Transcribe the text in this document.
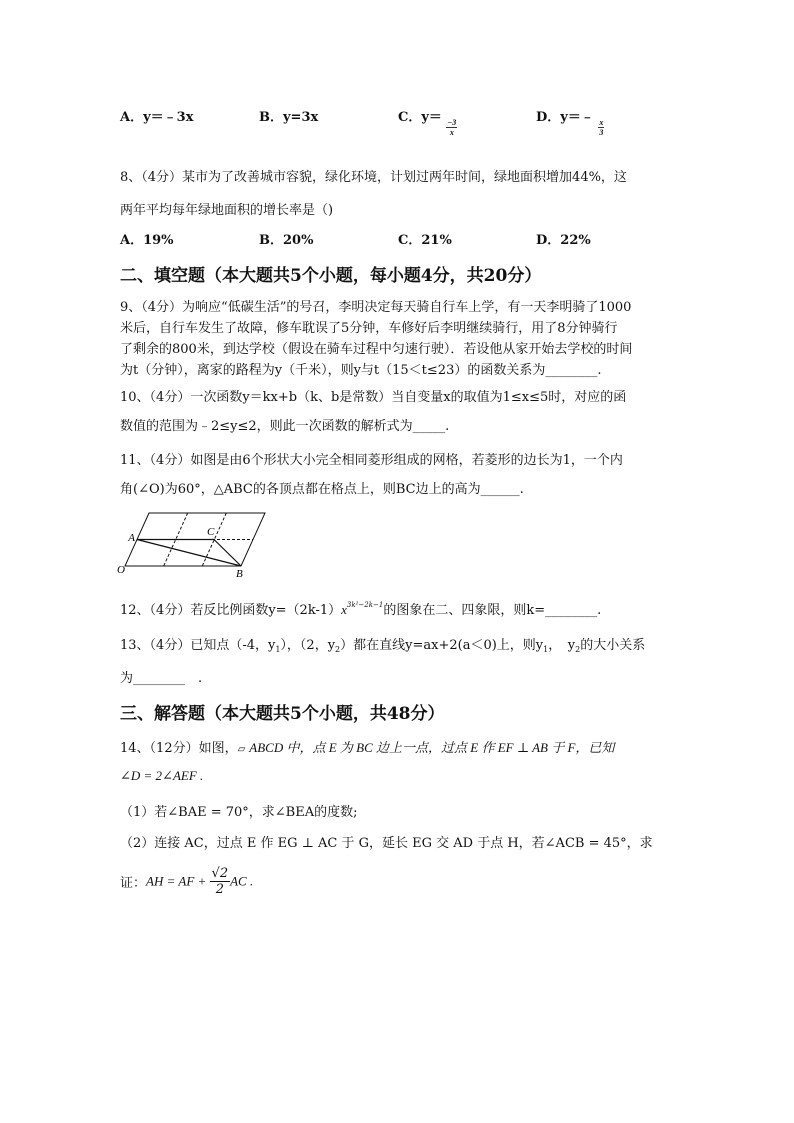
A．y＝﹣3x	B．y=3x	C．y＝
$\frac{-3}{x}$
D．y＝﹣
$\frac{x}{3}$
8、（4分）某市为了改善城市容貌，绿化环境，计划过两年时间，绿地面积增加44%，这
两年平均每年绿地面积的增长率是（)
A．19%	B．20%	C．21%	D．22%
二、填空题（本大题共5个小题，每小题4分，共20分）
9、（4分）为响应“低碳生活”的号召，李明决定每天骑自行车上学，有一天李明骑了1000
米后，自行车发生了故障，修车耽误了5分钟，车修好后李明继续骑行，用了8分钟骑行
了剩余的800米，到达学校（假设在骑车过程中匀速行驶）．若设他从家开始去学校的时间
为t（分钟），离家的路程为y（千米），则y与t（15＜t≤23）的函数关系为________.
10、（4分）一次函数y＝kx+b（k、b是常数）当自变量x的取值为1≤x≤5时，对应的函
数值的范围为﹣2≤y≤2，则此一次函数的解析式为_____.
11、（4分）如图是由6个形状大小完全相同菱形组成的网格，若菱形的边长为1，一个内
角(∠O)为60°，△ABC的各顶点都在格点上，则BC边上的高为______.
A	C
O	B
12、（4分）若反比例函数$y=(2k-1)x^{3k^2-2k-1}$的图象在二、四象限，则k=________.
13、（4分）已知点（-4，$y_1$），（2，$y_2$）都在直线y=ax+2(a＜0)上，则$y_1$，　$y_2$的大小关系
为________　.
三、解答题（本大题共5个小题，共48分）
14、（12分）如图，▱ ABCD 中，点 E 为 BC 边上一点，过点 E 作 EF ⊥ AB 于 F，已知
∠D = 2∠AEF .
（1）若∠BAE = 70°，求∠BEA的度数;
（2）连接 AC，过点 E 作 EG ⊥ AC 于 G，延长 EG 交 AD 于点 H，若∠ACB = 45°，求
证：AH = AF + $\frac{√2}{2}$ AC .
